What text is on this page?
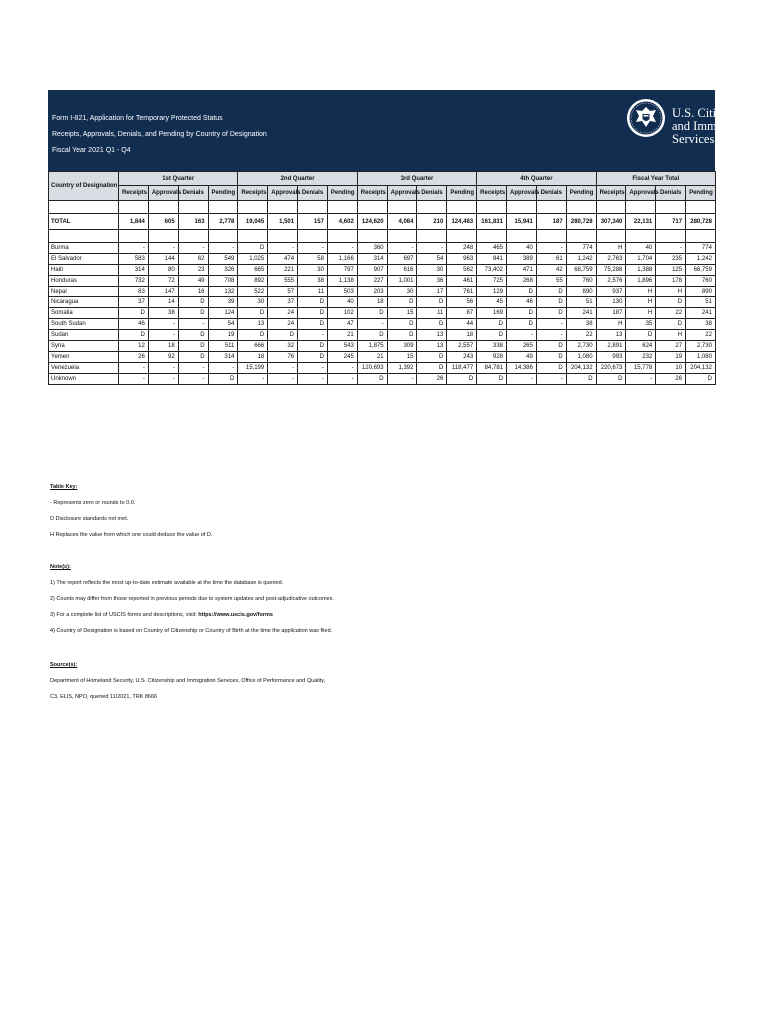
Form I-821, Application for Temporary Protected Status
Receipts, Approvals, Denials, and Pending by Country of Designation
Fiscal Year 2021 Q1 - Q4
U.S. Citizenship
and Immigration
Services
Country of Designation	1st Quarter				2nd Quarter				3rd Quarter				4th Quarter				Fiscal Year Total			
	Receipts	Approvals	Denials	Pending	Receipts	Approvals	Denials	Pending	Receipts	Approvals	Denials	Pending	Receipts	Approvals	Denials	Pending	Receipts	Approvals	Denials	Pending

TOTAL	1,844	605	163	2,778	19,045	1,501	157	4,602	124,620	4,084	210	124,483	161,831	15,941	187	280,728	307,340	22,131	717	280,728

Burma	-	-	-	-	D	-	-	-	360	-	-	248	465	40	-	774	H	40	-	774
El Salvador	583	144	62	549	1,025	474	58	1,166	314	697	54	963	841	389	61	1,242	2,763	1,704	235	1,242
Haiti	314	80	23	326	665	221	30	797	907	616	30	562	73,402	471	42	68,759	75,288	1,388	125	68,759
Honduras	732	72	49	708	892	555	38	1,138	227	1,001	36	461	725	268	55	760	2,576	1,896	178	760
Nepal	83	147	16	132	522	57	11	503	203	30	17	761	129	D	D	890	937	H	H	890
Nicaragua	37	14	D	39	30	37	D	40	18	D	D	56	45	46	D	51	130	H	D	51
Somalia	D	38	D	124	D	24	D	102	D	15	11	87	169	D	D	241	187	H	22	241
South Sudan	46	-	-	54	13	24	D	47	-	D	D	44	D	D	-	38	H	35	D	38
Sudan	D	-	D	19	D	D	-	21	D	D	13	18	D	-	-	22	13	D	H	22
Syria	12	18	D	511	666	32	D	543	1,875	309	13	2,557	338	265	D	2,730	2,891	624	27	2,730
Yemen	26	92	D	314	18	76	D	245	21	15	D	243	928	49	D	1,080	993	232	19	1,080
Venezuela	-	-	-	-	15,199	-	-	-	120,693	1,392	D	118,477	84,781	14,386	D	204,132	220,673	15,778	10	204,132
Unknown	-	-	-	D	-	-	-	-	D	-	26	D	D	-	-	D	D	-	26	D
Table Key:
- Represents zero or rounds to 0.0.
D Disclosure standards not met.
H Replaces the value from which one could deduce the value of D.
Note(s):
1) The report reflects the most up-to-date estimate available at the time the database is queried.
2) Counts may differ from those reported in previous periods due to system updates and post-adjudicative outcomes.
3) For a complete list of USCIS forms and descriptions, visit: https://www.uscis.gov/forms
4) Country of Designation is based on Country of Citizenship or Country of Birth at the time the application was filed.
Source(s):
Department of Homeland Security, U.S. Citizenship and Immigration Services, Office of Performance and Quality,
C3, ELIS, NPO, queried 11/2021, TRK 8666
